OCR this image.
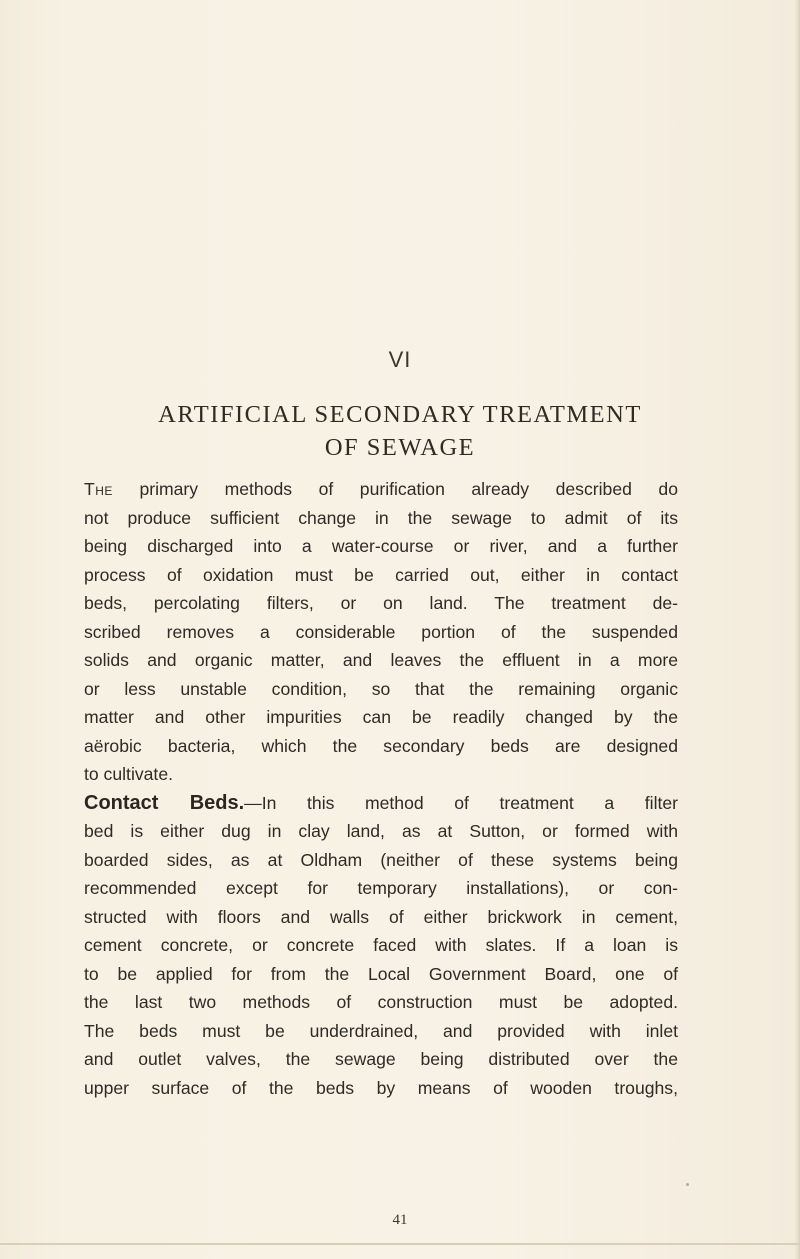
VI
ARTIFICIAL SECONDARY TREATMENT
OF SEWAGE
The primary methods of purification already described do
not produce sufficient change in the sewage to admit of its
being discharged into a water-course or river, and a further
process of oxidation must be carried out, either in contact
beds, percolating filters, or on land. The treatment de-
scribed removes a considerable portion of the suspended
solids and organic matter, and leaves the effluent in a more
or less unstable condition, so that the remaining organic
matter and other impurities can be readily changed by the
aërobic bacteria, which the secondary beds are designed
to cultivate.
Contact Beds.—In this method of treatment a filter
bed is either dug in clay land, as at Sutton, or formed with
boarded sides, as at Oldham (neither of these systems being
recommended except for temporary installations), or con-
structed with floors and walls of either brickwork in cement,
cement concrete, or concrete faced with slates. If a loan is
to be applied for from the Local Government Board, one of
the last two methods of construction must be adopted.
The beds must be underdrained, and provided with inlet
and outlet valves, the sewage being distributed over the
upper surface of the beds by means of wooden troughs,
41
